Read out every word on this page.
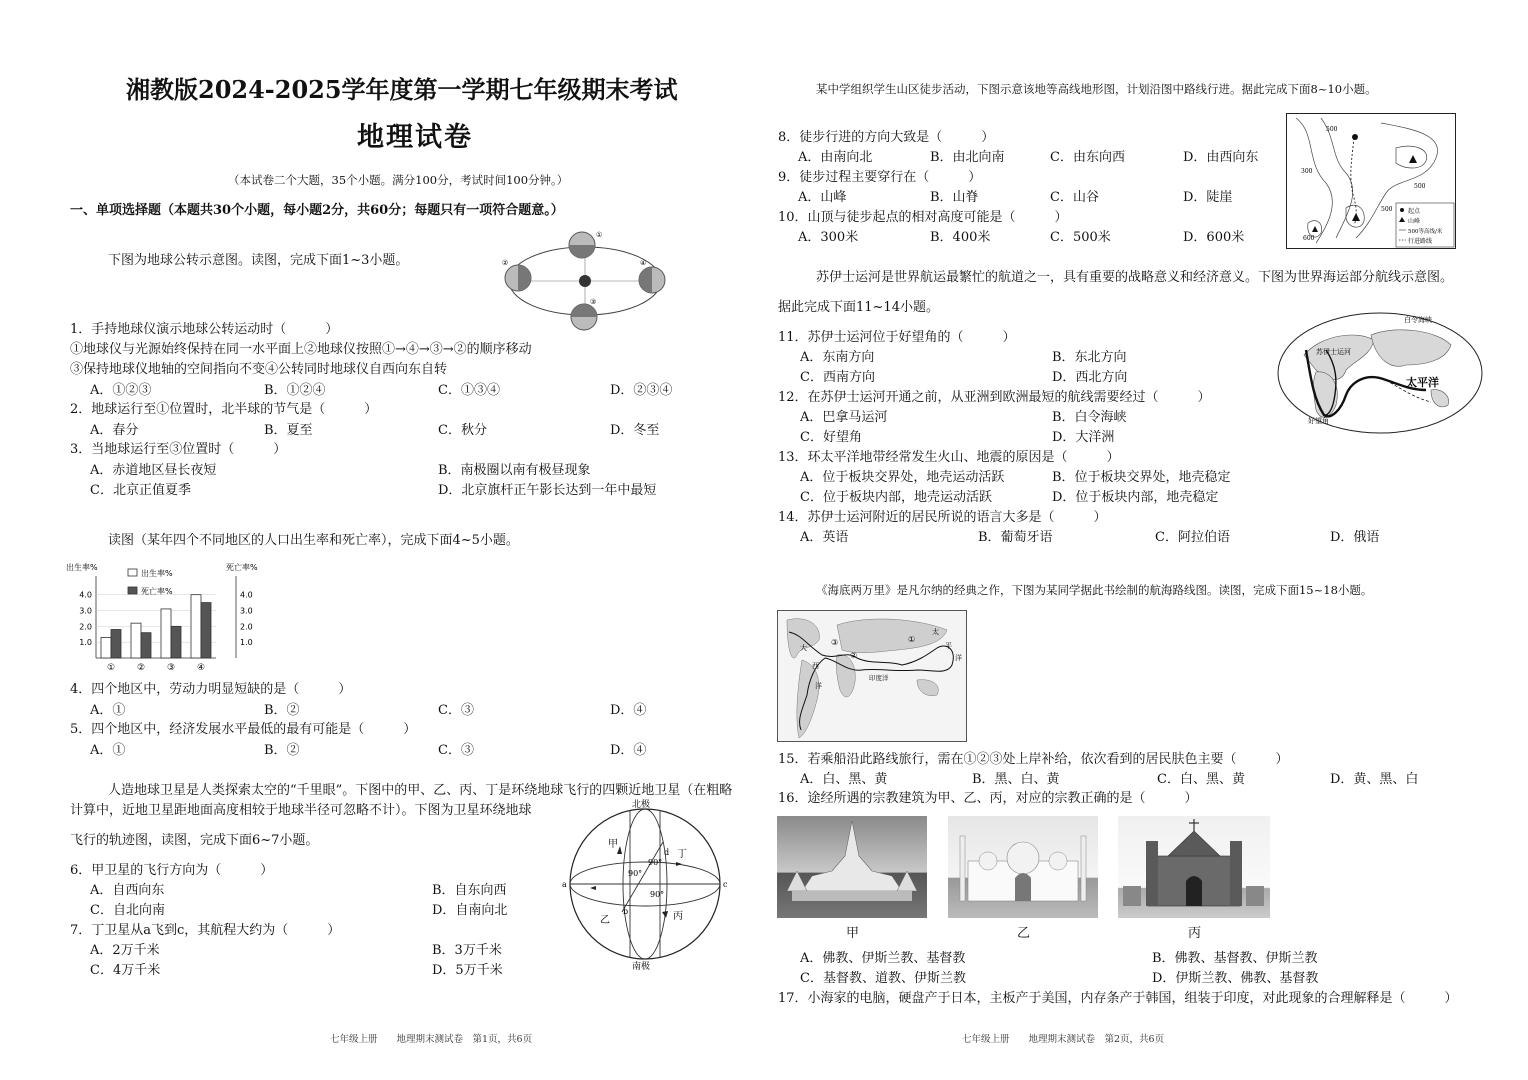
湘教版2024-2025学年度第一学期七年级期末考试
地理试卷
（本试卷二个大题，35个小题。满分100分，考试时间100分钟。）
一、单项选择题（本题共30个小题，每小题2分，共60分；每题只有一项符合题意。）
下图为地球公转示意图。读图，完成下面1~3小题。
①
②
③
④
1．手持地球仪演示地球公转运动时（　　　）
①地球仪与光源始终保持在同一水平面上②地球仪按照①→④→③→②的顺序移动
③保持地球仪地轴的空间指向不变④公转同时地球仪自西向东自转
A．①②③	B．①②④	C．①③④	D．②③④
2．地球运行至①位置时，北半球的节气是（　　　）
A．春分	B．夏至	C．秋分	D．冬至
3．当地球运行至③位置时（　　　）
A．赤道地区昼长夜短	B．南极圈以南有极昼现象
C．北京正值夏季	D．北京旗杆正午影长达到一年中最短
读图（某年四个不同地区的人口出生率和死亡率），完成下面4~5小题。
出生率%	死亡率%
出生率%
死亡率%
1.0	1.0
2.0	2.0
3.0	3.0
4.0	4.0
① ② ③ ④
4．四个地区中，劳动力明显短缺的是（　　　）
A．①	B．②	C．③	D．④
5．四个地区中，经济发展水平最低的最有可能是（　　　）
A．①	B．②	C．③	D．④
人造地球卫星是人类探索太空的“千里眼”。下图中的甲、乙、丙、丁是环绕地球飞行的四颗近地卫星（在粗略
计算中，近地卫星距地面高度相较于地球半径可忽略不计）。下图为卫星环绕地球
飞行的轨迹图，读图，完成下面6~7小题。
北极
南极
甲
乙	丙
丁
a
b
c
d
90°
90°
90°
6．甲卫星的飞行方向为（　　　）
A．自西向东	B．自东向西
C．自北向南	D．自南向北
7．丁卫星从a飞到c，其航程大约为（　　　）
A．2万千米	B．3万千米
C．4万千米	D．5万千米
七年级上册　　地理期末测试卷　第1页，共6页
某中学组织学生山区徒步活动，下图示意该地等高线地形图，计划沿图中路线行进。据此完成下面8~10小题。
8．徒步行进的方向大致是（　　　）
A．由南向北	B．由北向南	C．由东向西	D．由西向东
9．徒步过程主要穿行在（　　　）
A．山峰	B．山脊	C．山谷	D．陡崖
10．山顶与徒步起点的相对高度可能是（　　　）
A．300米	B．400米	C．500米	D．600米
500
300
500
500
600
起点
山峰
500等高线/米
行进路线
苏伊士运河是世界航运最繁忙的航道之一，具有重要的战略意义和经济意义。下图为世界海运部分航线示意图。
据此完成下面11~14小题。
白令海峡
苏伊士运河
太平洋
好望角
11．苏伊士运河位于好望角的（　　　）
A．东南方向	B．东北方向
C．西南方向	D．西北方向
12．在苏伊士运河开通之前，从亚洲到欧洲最短的航线需要经过（　　　）
A．巴拿马运河	B．白令海峡
C．好望角	D．大洋洲
13．环太平洋地带经常发生火山、地震的原因是（　　　）
A．位于板块交界处，地壳运动活跃	B．位于板块交界处，地壳稳定
C．位于板块内部，地壳运动活跃	D．位于板块内部，地壳稳定
14．苏伊士运河附近的居民所说的语言大多是（　　　）
A．英语	B．葡萄牙语	C．阿拉伯语	D．俄语
《海底两万里》是凡尔纳的经典之作，下图为某同学据此书绘制的航海路线图。读图，完成下面15~18小题。
大
西
洋
太
平
洋
印度洋
①
②
③
15．若乘船沿此路线旅行，需在①②③处上岸补给，依次看到的居民肤色主要（　　　）
A．白、黑、黄	B．黑、白、黄	C．白、黑、黄	D．黄、黑、白
16．途经所遇的宗教建筑为甲、乙、丙，对应的宗教正确的是（　　　）
甲	乙	丙
A．佛教、伊斯兰教、基督教	B．佛教、基督教、伊斯兰教
C．基督教、道教、伊斯兰教	D．伊斯兰教、佛教、基督教
17．小海家的电脑，硬盘产于日本，主板产于美国，内存条产于韩国，组装于印度，对此现象的合理解释是（　　　）
七年级上册　　地理期末测试卷　第2页，共6页
